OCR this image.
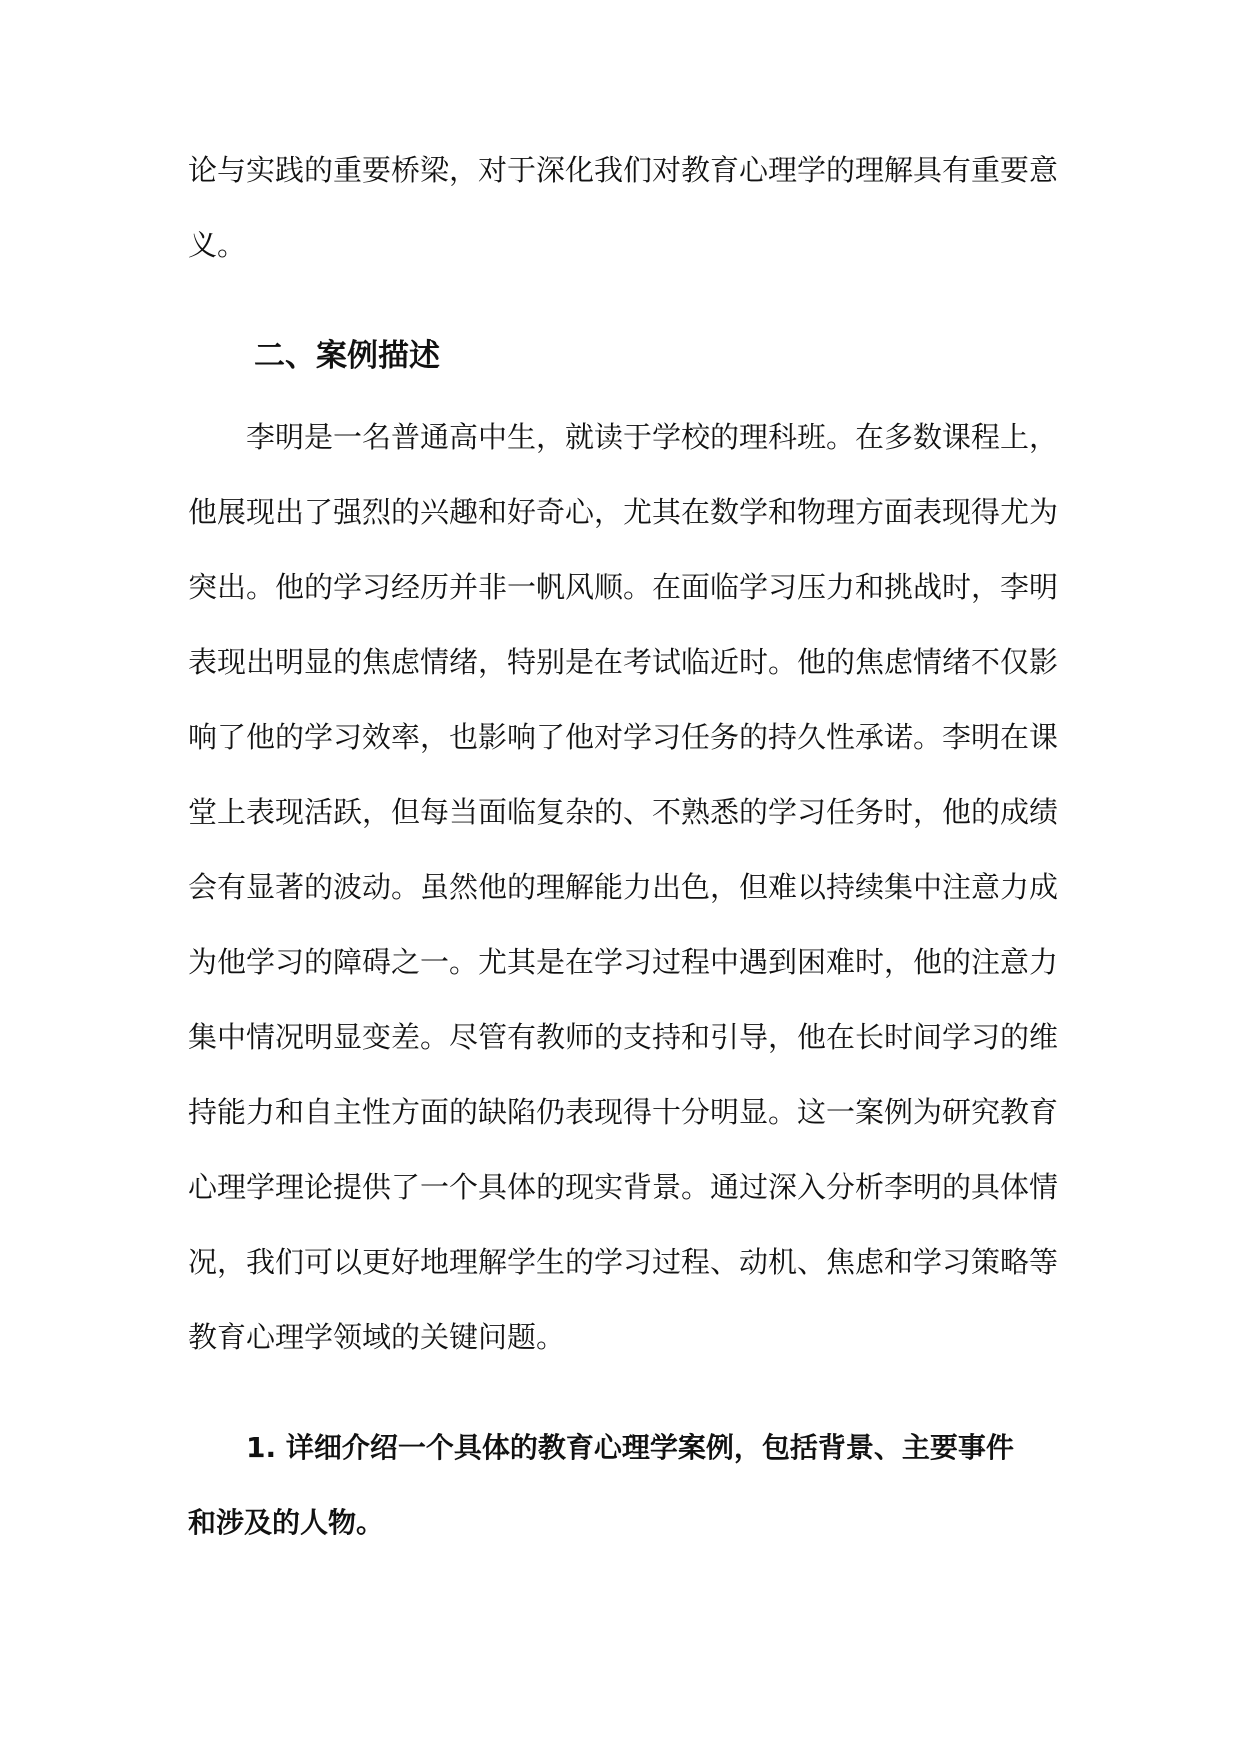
论与实践的重要桥梁，对于深化我们对教育心理学的理解具有重要意
义。
二、案例描述
李明是一名普通高中生，就读于学校的理科班。在多数课程上，
他展现出了强烈的兴趣和好奇心，尤其在数学和物理方面表现得尤为
突出。他的学习经历并非一帆风顺。在面临学习压力和挑战时，李明
表现出明显的焦虑情绪，特别是在考试临近时。他的焦虑情绪不仅影
响了他的学习效率，也影响了他对学习任务的持久性承诺。李明在课
堂上表现活跃，但每当面临复杂的、不熟悉的学习任务时，他的成绩
会有显著的波动。虽然他的理解能力出色，但难以持续集中注意力成
为他学习的障碍之一。尤其是在学习过程中遇到困难时，他的注意力
集中情况明显变差。尽管有教师的支持和引导，他在长时间学习的维
持能力和自主性方面的缺陷仍表现得十分明显。这一案例为研究教育
心理学理论提供了一个具体的现实背景。通过深入分析李明的具体情
况，我们可以更好地理解学生的学习过程、动机、焦虑和学习策略等
教育心理学领域的关键问题。
1. 详细介绍一个具体的教育心理学案例，包括背景、主要事件
和涉及的人物。
